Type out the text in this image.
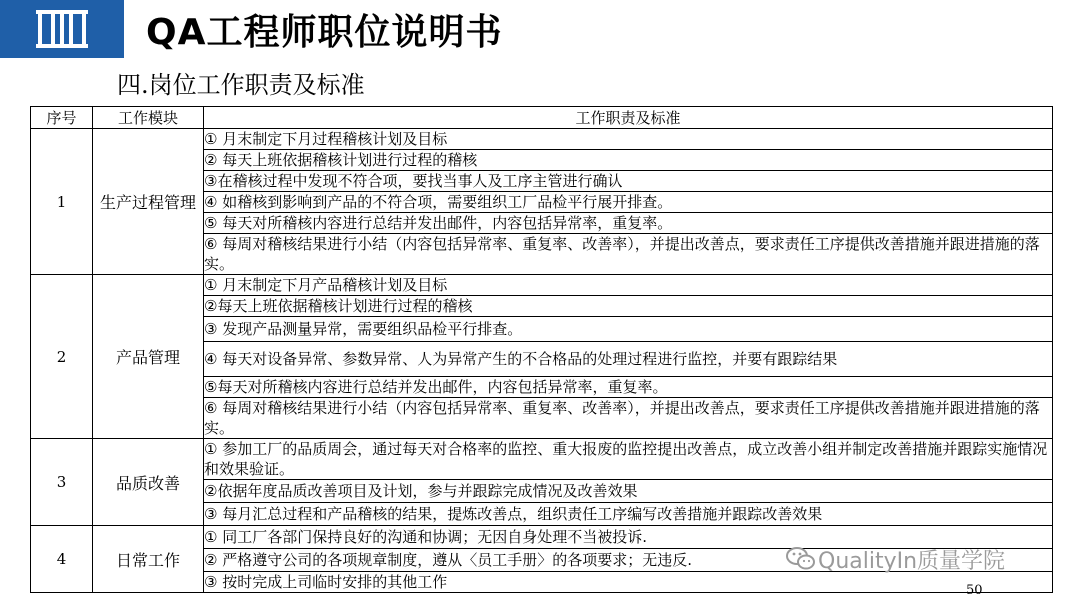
QA工程师职位说明书
四.岗位工作职责及标准
序号	工作模块	工作职责及标准
1	生产过程管理	① 月末制定下月过程稽核计划及目标
		② 每天上班依据稽核计划进行过程的稽核
		③在稽核过程中发现不符合项，要找当事人及工序主管进行确认
		④ 如稽核到影响到产品的不符合项，需要组织工厂品检平行展开排查。
		⑤ 每天对所稽核内容进行总结并发出邮件，内容包括异常率，重复率。
		⑥ 每周对稽核结果进行小结（内容包括异常率、重复率、改善率），并提出改善点，要求责任工序提供改善措施并跟进措施的落实。
2	产品管理	① 月末制定下月产品稽核计划及目标
		②每天上班依据稽核计划进行过程的稽核
		③ 发现产品测量异常，需要组织品检平行排查。
		④ 每天对设备异常、参数异常、人为异常产生的不合格品的处理过程进行监控，并要有跟踪结果
		⑤每天对所稽核内容进行总结并发出邮件，内容包括异常率，重复率。
		⑥ 每周对稽核结果进行小结（内容包括异常率、重复率、改善率），并提出改善点，要求责任工序提供改善措施并跟进措施的落实。
3	品质改善	① 参加工厂的品质周会，通过每天对合格率的监控、重大报废的监控提出改善点，成立改善小组并制定改善措施并跟踪实施情况和效果验证。
		②依据年度品质改善项目及计划，参与并跟踪完成情况及改善效果
		③ 每月汇总过程和产品稽核的结果，提炼改善点，组织责任工序编写改善措施并跟踪改善效果
4	日常工作	① 同工厂各部门保持良好的沟通和协调；无因自身处理不当被投诉.
		② 严格遵守公司的各项规章制度，遵从〈员工手册〉的各项要求；无违反.
		③ 按时完成上司临时安排的其他工作
QualityIn质量学院
50
